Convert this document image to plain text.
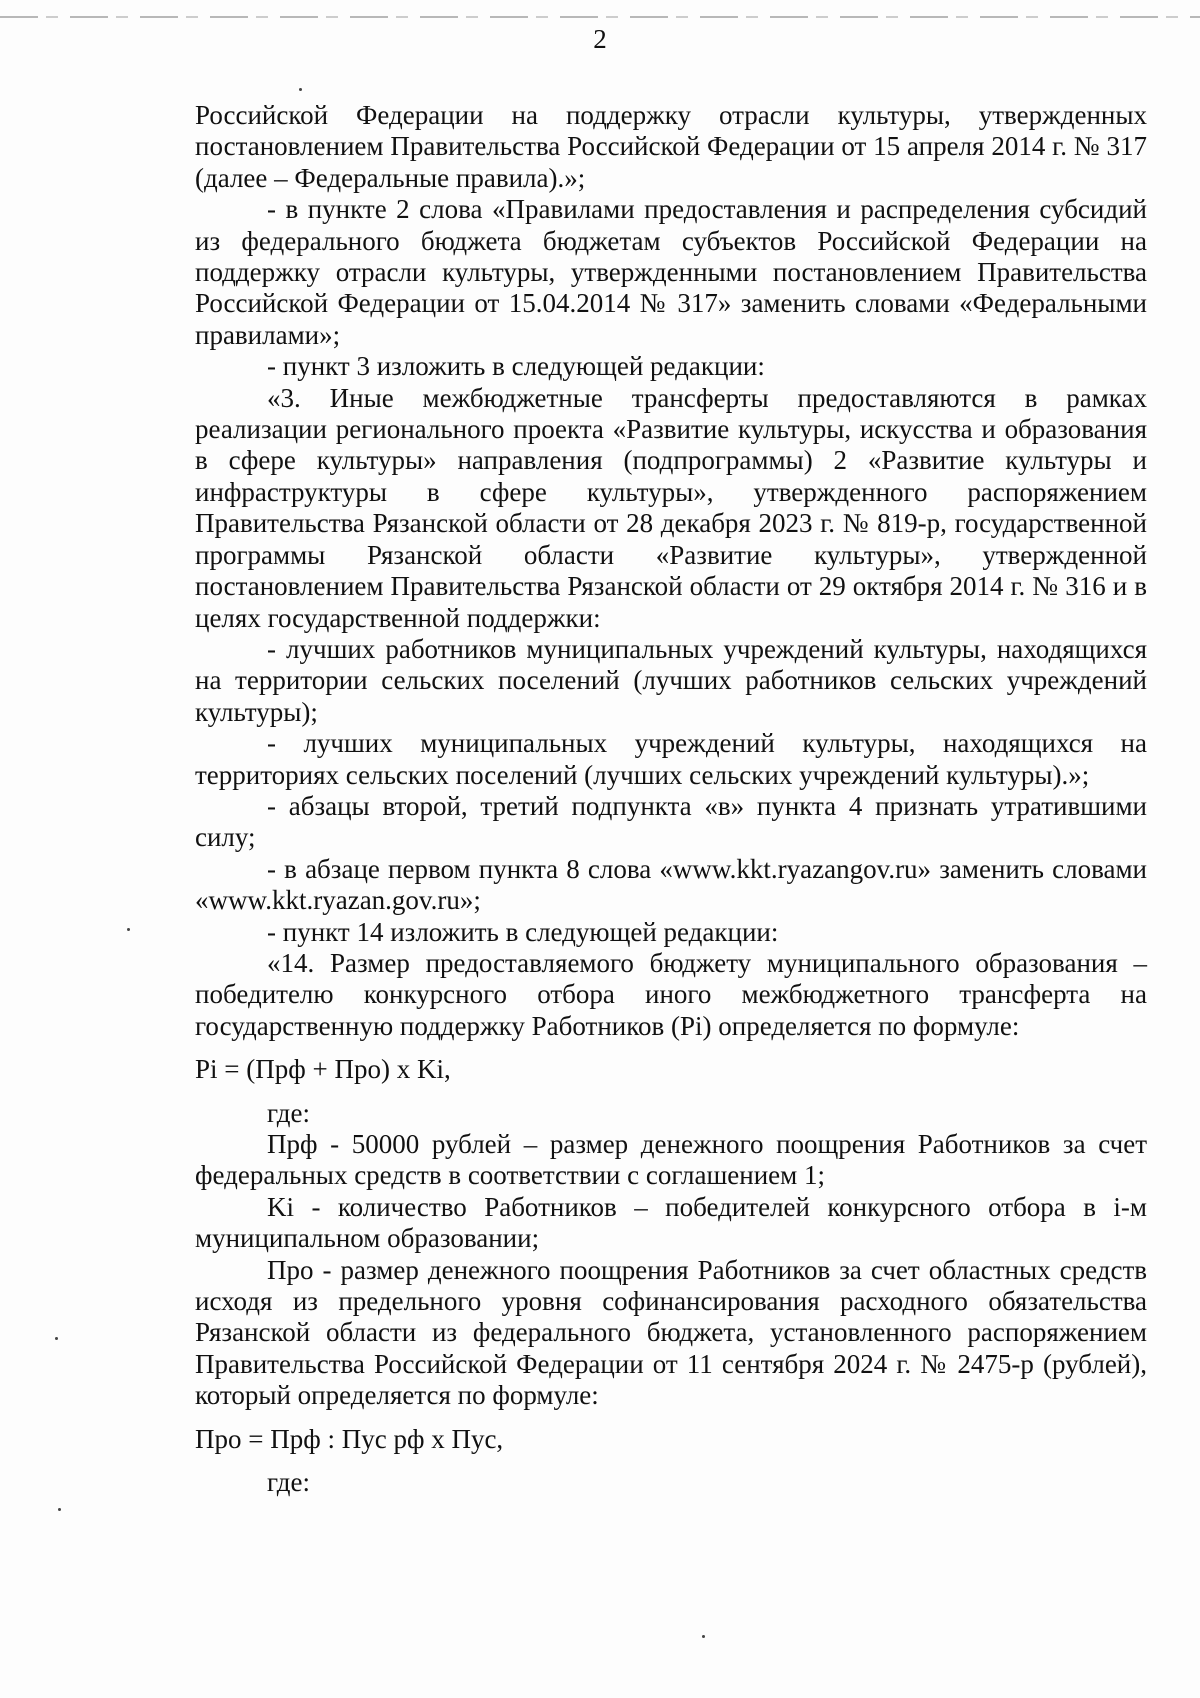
2

Российской Федерации на поддержку отрасли культуры, утвержденных постановлением Правительства Российской Федерации от 15 апреля 2014 г. № 317 (далее – Федеральные правила).»;

- в пункте 2 слова «Правилами предоставления и распределения субсидий из федерального бюджета бюджетам субъектов Российской Федерации на поддержку отрасли культуры, утвержденными постановлением Правительства Российской Федерации от 15.04.2014 № 317» заменить словами «Федеральными правилами»;

- пункт 3 изложить в следующей редакции:

«3. Иные межбюджетные трансферты предоставляются в рамках реализации регионального проекта «Развитие культуры, искусства и образования в сфере культуры» направления (подпрограммы) 2 «Развитие культуры и инфраструктуры в сфере культуры», утвержденного распоряжением Правительства Рязанской области от 28 декабря 2023 г. № 819-р, государственной программы Рязанской области «Развитие культуры», утвержденной постановлением Правительства Рязанской области от 29 октября 2014 г. № 316 и в целях государственной поддержки:

- лучших работников муниципальных учреждений культуры, находящихся на территории сельских поселений (лучших работников сельских учреждений культуры);

- лучших муниципальных учреждений культуры, находящихся на территориях сельских поселений (лучших сельских учреждений культуры).»;

- абзацы второй, третий подпункта «в» пункта 4 признать утратившими силу;

- в абзаце первом пункта 8 слова «www.kkt.ryazangov.ru» заменить словами «www.kkt.ryazan.gov.ru»;

- пункт 14 изложить в следующей редакции:

«14. Размер предоставляемого бюджету муниципального образования – победителю конкурсного отбора иного межбюджетного трансферта на государственную поддержку Работников (Pi) определяется по формуле:

Pi = (Прф + Про) x Ki,

где:

Прф - 50000 рублей – размер денежного поощрения Работников за счет федеральных средств в соответствии с соглашением 1;

Ki - количество Работников – победителей конкурсного отбора в i-м муниципальном образовании;

Про - размер денежного поощрения Работников за счет областных средств исходя из предельного уровня софинансирования расходного обязательства Рязанской области из федерального бюджета, установленного распоряжением Правительства Российской Федерации от 11 сентября 2024 г. № 2475-р (рублей), который определяется по формуле:

Про = Прф : Пус рф x Пус,

где:
